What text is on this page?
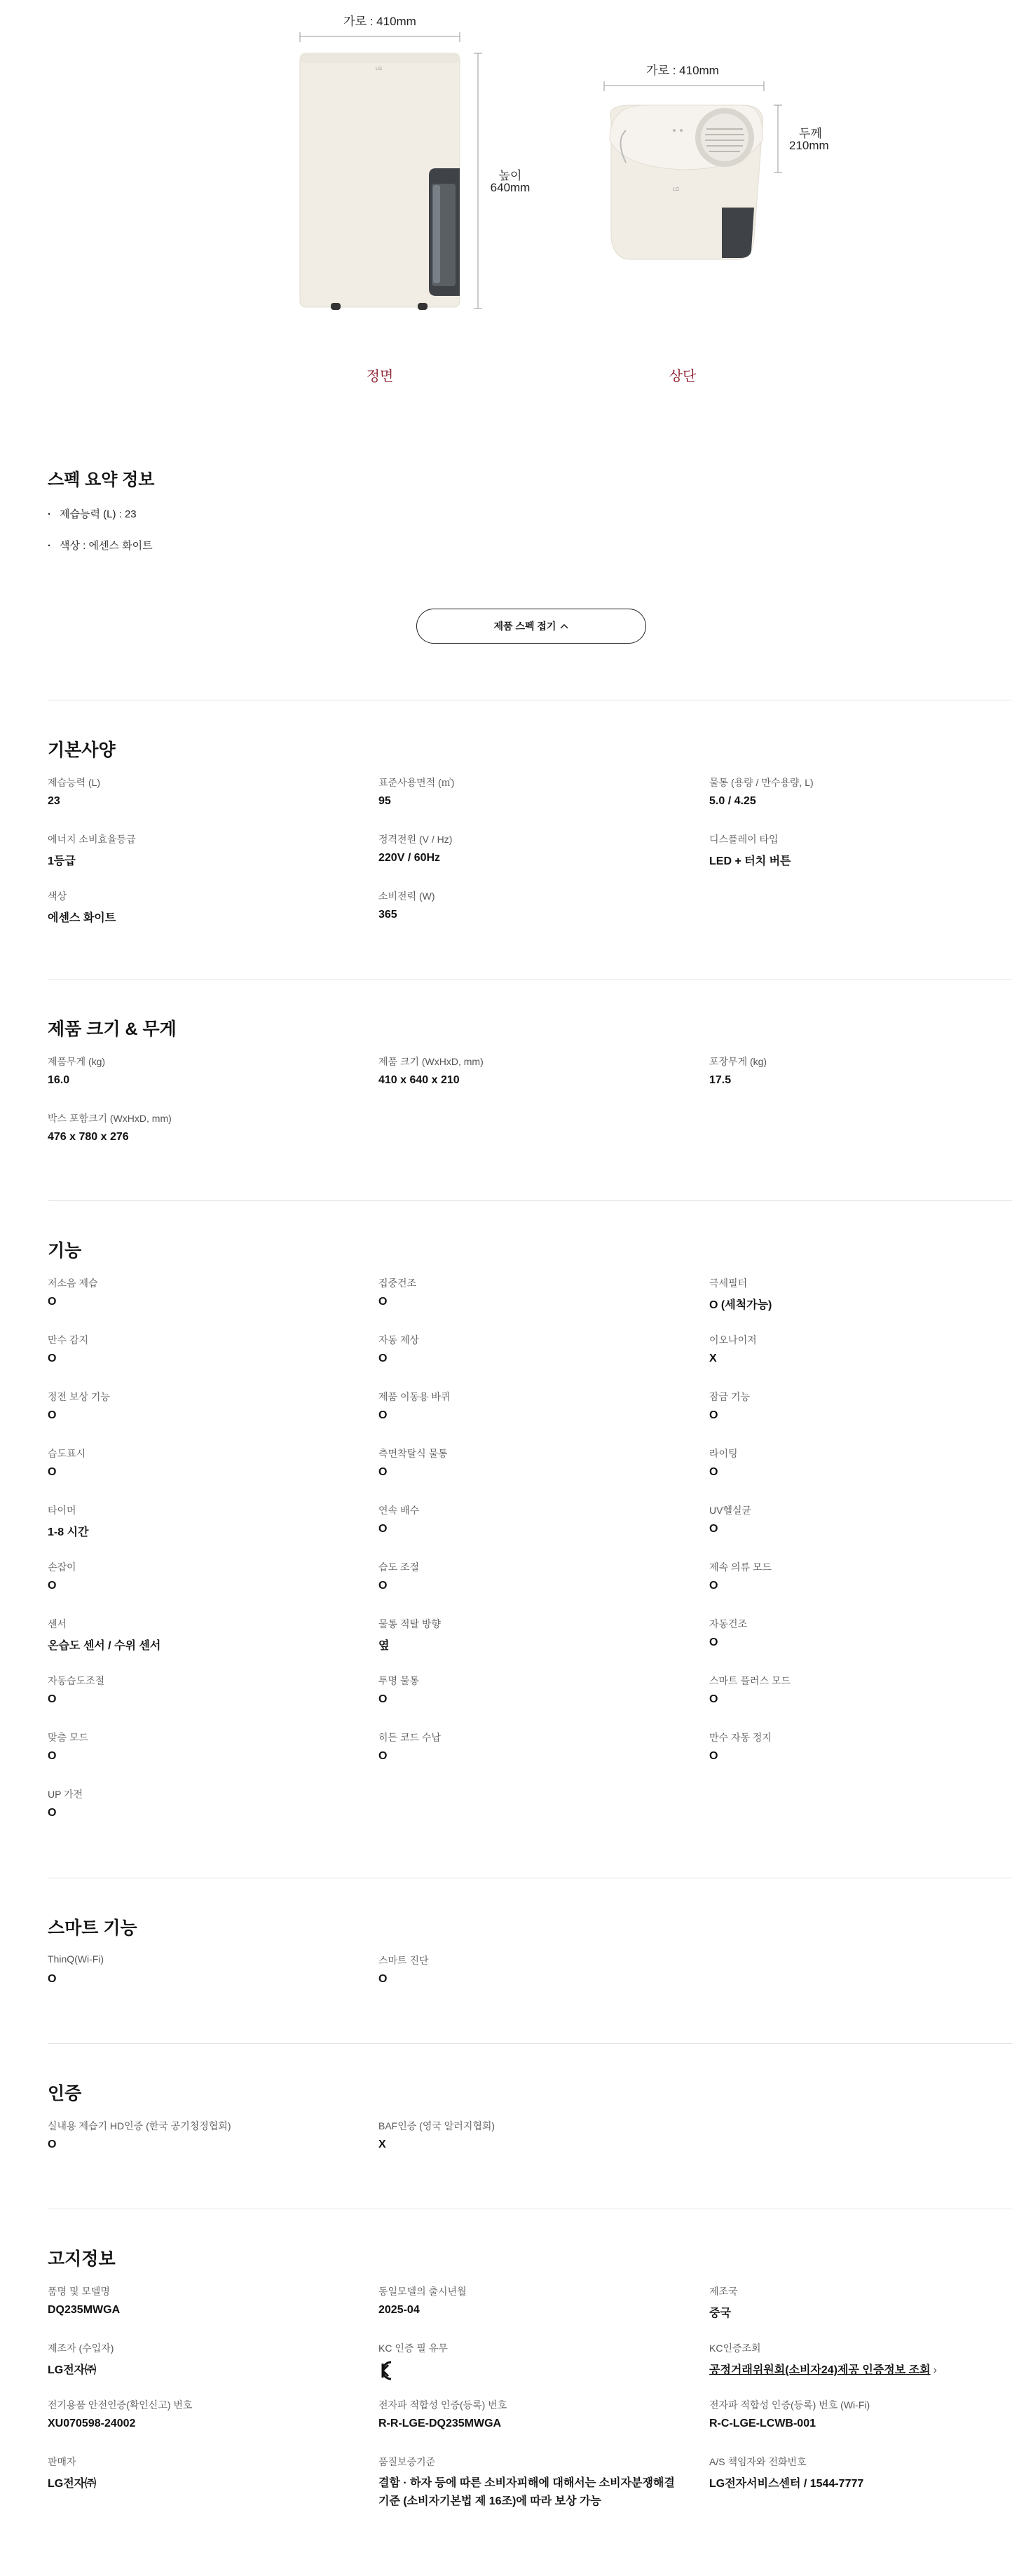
LG
LG
가로 : 410mm
높이
640mm
정면
가로 : 410mm
두께
210mm
상단
스펙 요약 정보
· 제습능력 (L) : 23
· 색상 : 에센스 화이트
제품 스펙 접기
기본사양
제습능력 (L)
23
표준사용면적 (㎡)
95
물통 (용량 / 만수용량, L)
5.0 / 4.25
에너지 소비효율등급
1등급
정격전원 (V / Hz)
220V / 60Hz
디스플레이 타입
LED + 터치 버튼
색상
에센스 화이트
소비전력 (W)
365
제품 크기 & 무게
제품무게 (kg)
16.0
제품 크기 (WxHxD, mm)
410 x 640 x 210
포장무게 (kg)
17.5
박스 포함크기 (WxHxD, mm)
476 x 780 x 276
기능
저소음 제습
O
집중건조
O
극세필터
O (세척가능)
만수 감지
O
자동 제상
O
이오나이저
X
정전 보상 기능
O
제품 이동용 바퀴
O
잠금 기능
O
습도표시
O
측면착탈식 물통
O
라이팅
O
타이머
1-8 시간
연속 배수
O
UV헬실균
O
손잡이
O
습도 조절
O
제속 의류 모드
O
센서
온습도 센서 / 수위 센서
물통 적탈 방향
옆
자동건조
O
자동습도조절
O
투명 물통
O
스마트 플러스 모드
O
맞춤 모드
O
히든 코드 수납
O
만수 자동 정지
O
UP 가전
O
스마트 기능
ThinQ(Wi-Fi)
O
스마트 진단
O
인증
실내용 제습기 HD인증 (한국 공기청정협회)
O
BAF인증 (영국 알러지협회)
X
고지정보
품명 및 모델명
DQ235MWGA
동일모델의 출시년월
2025-04
제조국
중국
제조자 (수입자)
LG전자㈜
KC 인증 필 유무	KC인증조회
공정거래위원회(소비자24)제공 인증정보 조회 ›
전기용품 안전인증(확인신고) 번호
XU070598-24002
전자파 적합성 인증(등록) 번호
R-R-LGE-DQ235MWGA
전자파 적합성 인증(등록) 번호 (Wi-Fi)
R-C-LGE-LCWB-001
판매자
LG전자㈜
품질보증기준
결함 · 하자 등에 따른 소비자피해에 대해서는 소비자분쟁해결기준 (소비자기본법 제 16조)에 따라 보상 가능
A/S 책임자와 전화번호
LG전자서비스센터 / 1544-7777
